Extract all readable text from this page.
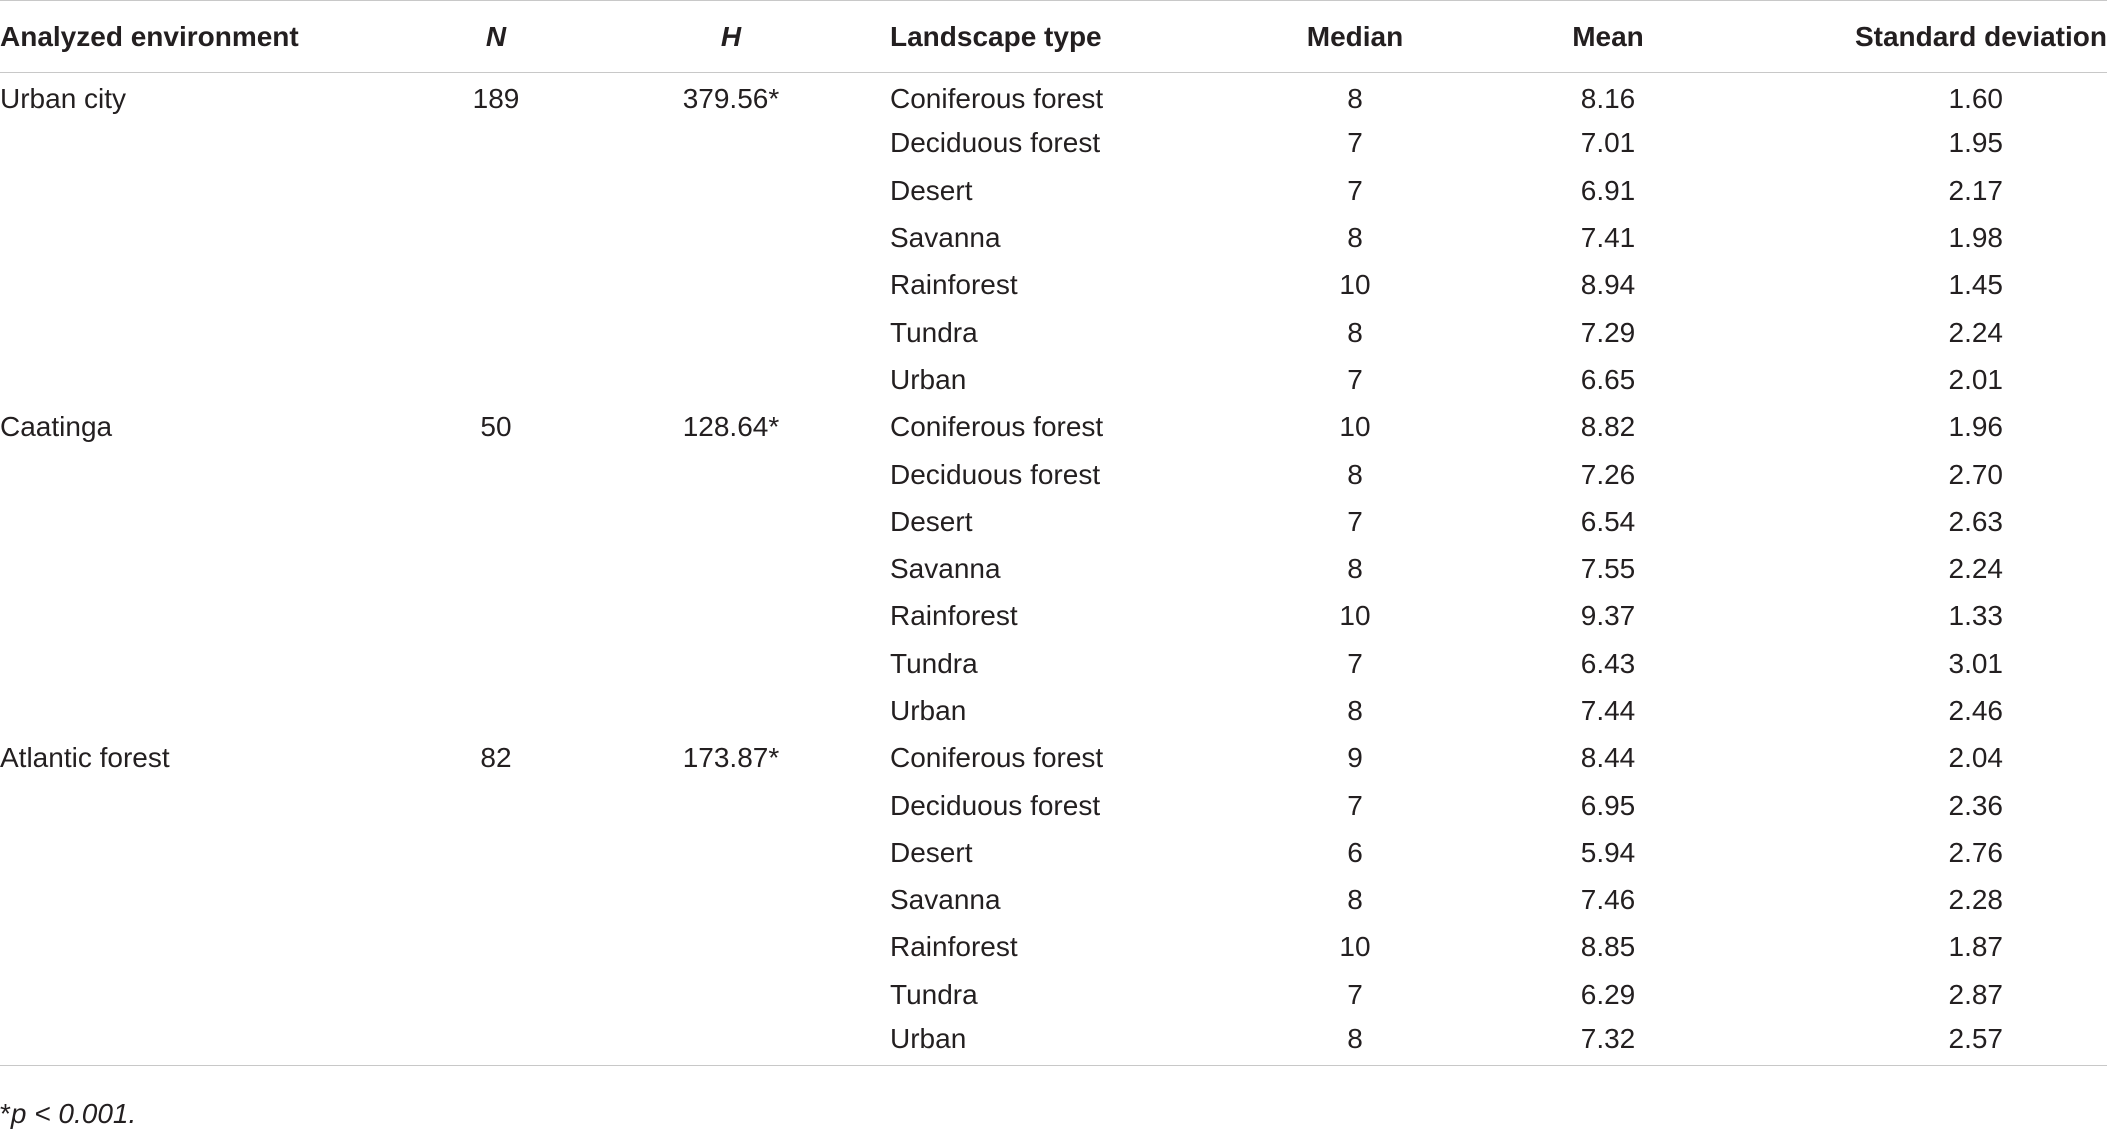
Analyzed environment	N	H	Landscape type	Median	Mean	Standard deviation
Urban city	189	379.56*	Coniferous forest	8	8.16	1.60
			Deciduous forest	7	7.01	1.95
			Desert	7	6.91	2.17
			Savanna	8	7.41	1.98
			Rainforest	10	8.94	1.45
			Tundra	8	7.29	2.24
			Urban	7	6.65	2.01
Caatinga	50	128.64*	Coniferous forest	10	8.82	1.96
			Deciduous forest	8	7.26	2.70
			Desert	7	6.54	2.63
			Savanna	8	7.55	2.24
			Rainforest	10	9.37	1.33
			Tundra	7	6.43	3.01
			Urban	8	7.44	2.46
Atlantic forest	82	173.87*	Coniferous forest	9	8.44	2.04
			Deciduous forest	7	6.95	2.36
			Desert	6	5.94	2.76
			Savanna	8	7.46	2.28
			Rainforest	10	8.85	1.87
			Tundra	7	6.29	2.87
			Urban	8	7.32	2.57
*p < 0.001.
